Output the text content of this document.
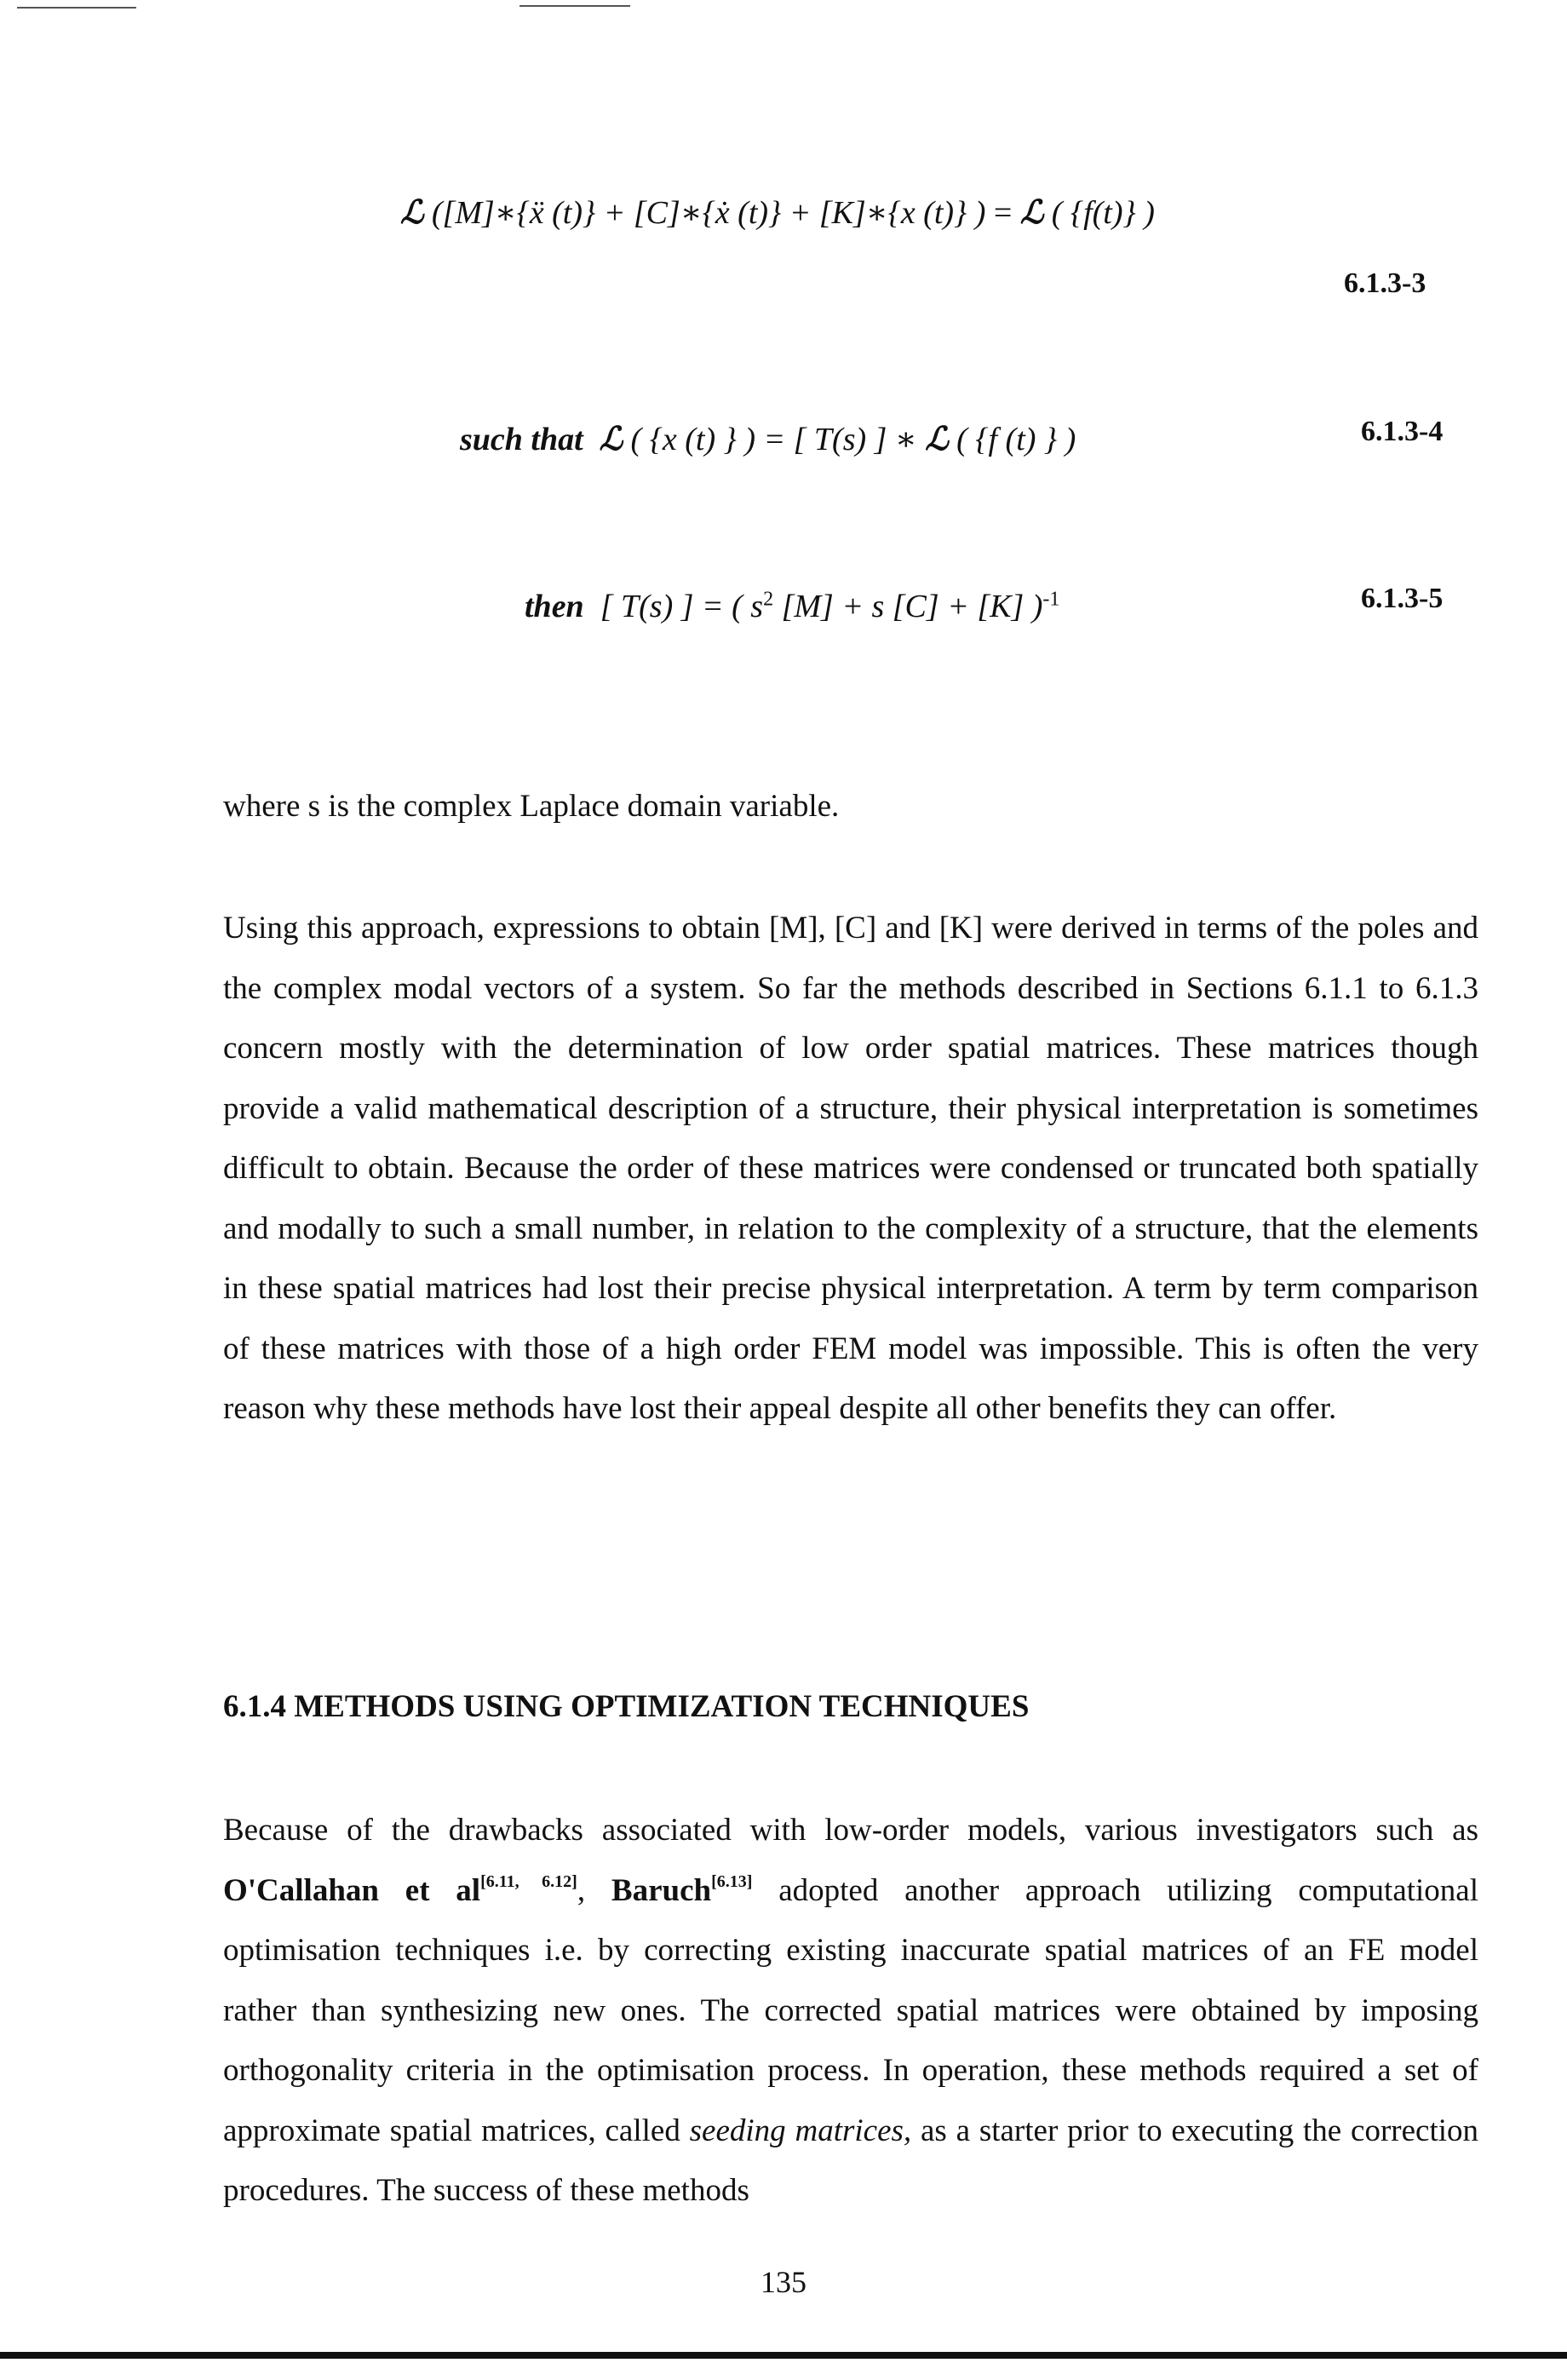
ℒ ([M]∗{ẍ (t)} + [C]∗{ẋ (t)} + [K]∗{x (t)} ) = ℒ ( {f(t)} )
6.1.3-3
such that ℒ ( {x (t) } ) = [ T(s) ] ∗ ℒ ( {f (t) } )	6.1.3-4
then [ T(s) ] = ( $s^2$ [M] + s [C] + [K] )$^{-1}$	6.1.3-5

where s is the complex Laplace domain variable.

Using this approach, expressions to obtain [M], [C] and [K] were derived in terms of the poles and the complex modal vectors of a system. So far the methods described in Sections 6.1.1 to 6.1.3 concern mostly with the determination of low order spatial matrices. These matrices though provide a valid mathematical description of a structure, their physical interpretation is sometimes difficult to obtain. Because the order of these matrices were condensed or truncated both spatially and modally to such a small number, in relation to the complexity of a structure, that the elements in these spatial matrices had lost their precise physical interpretation. A term by term comparison of these matrices with those of a high order FEM model was impossible. This is often the very reason why these methods have lost their appeal despite all other benefits they can offer.

6.1.4 METHODS USING OPTIMIZATION TECHNIQUES

Because of the drawbacks associated with low-order models, various investigators such as O'Callahan et al[6.11, 6.12], Baruch[6.13] adopted another approach utilizing computational optimisation techniques i.e. by correcting existing inaccurate spatial matrices of an FE model rather than synthesizing new ones. The corrected spatial matrices were obtained by imposing orthogonality criteria in the optimisation process. In operation, these methods required a set of approximate spatial matrices, called seeding matrices, as a starter prior to executing the correction procedures. The success of these methods

135
